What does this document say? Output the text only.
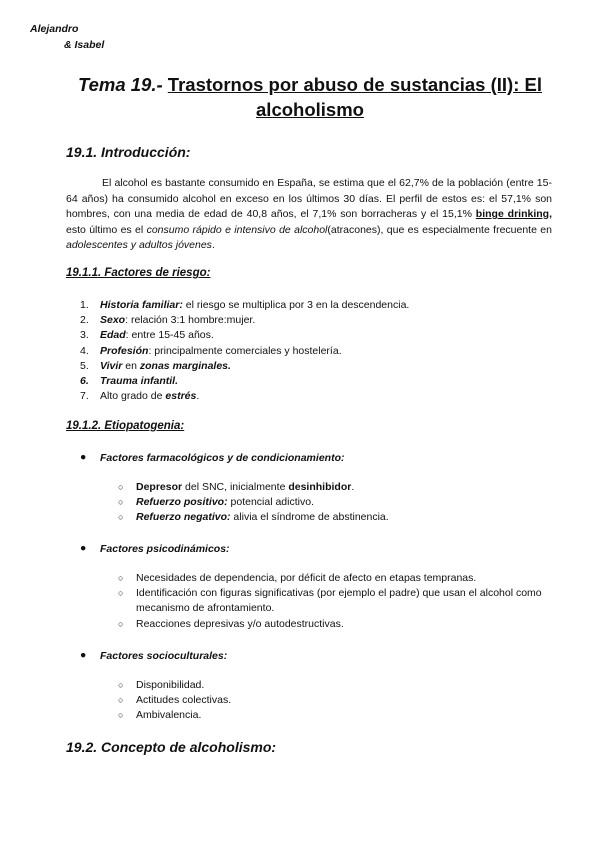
Alejandro
& Isabel
Tema 19.- Trastornos por abuso de sustancias (II): El
alcoholismo
19.1. Introducción:
El alcohol es bastante consumido en España, se estima que el 62,7% de la población (entre 15-64 años) ha consumido alcohol en exceso en los últimos 30 días. El perfil de estos es: el 57,1% son hombres, con una media de edad de 40,8 años, el 7,1% son borracheras y el 15,1% binge drinking, esto último es el consumo rápido e intensivo de alcohol(atracones), que es especialmente frecuente en adolescentes y adultos jóvenes.
19.1.1. Factores de riesgo:
1. Historia familiar: el riesgo se multiplica por 3 en la descendencia.
2. Sexo: relación 3:1 hombre:mujer.
3. Edad: entre 15-45 años.
4. Profesión: principalmente comerciales y hostelería.
5. Vivir en zonas marginales.
6. Trauma infantil.
7. Alto grado de estrés.
19.1.2. Etiopatogenia:
● Factores farmacológicos y de condicionamiento:
○ Depresor del SNC, inicialmente desinhibidor.
○ Refuerzo positivo: potencial adictivo.
○ Refuerzo negativo: alivia el síndrome de abstinencia.
● Factores psicodinámicos:
○ Necesidades de dependencia, por déficit de afecto en etapas tempranas.
○ Identificación con figuras significativas (por ejemplo el padre) que usan el alcohol como mecanismo de afrontamiento.
○ Reacciones depresivas y/o autodestructivas.
● Factores socioculturales:
○ Disponibilidad.
○ Actitudes colectivas.
○ Ambivalencia.
19.2. Concepto de alcoholismo:
